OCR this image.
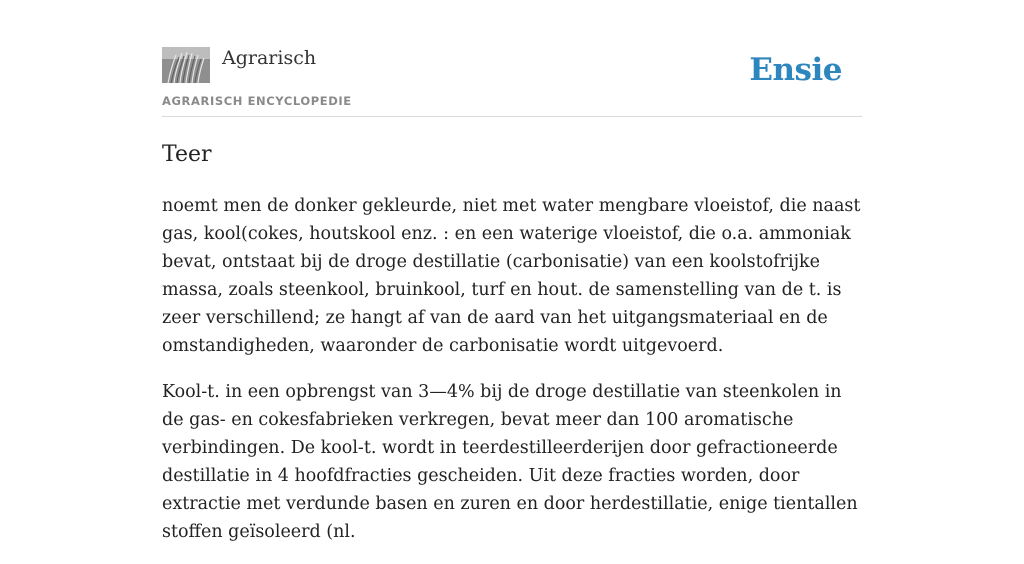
Agrarisch
AGRARISCH ENCYCLOPEDIE
Ensie
Teer

noemt men de donker gekleurde, niet met water mengbare vloeistof, die naast gas, kool(cokes, houtskool enz. : en een waterige vloeistof, die o.a. ammoniak bevat, ontstaat bij de droge destillatie (carbonisatie) van een koolstofrijke massa, zoals steenkool, bruinkool, turf en hout. de samenstelling van de t. is zeer verschillend; ze hangt af van de aard van het uitgangsmateriaal en de omstandigheden, waaronder de carbonisatie wordt uitgevoerd.

Kool-t. in een opbrengst van 3—4% bij de droge destillatie van steenkolen in de gas- en cokesfabrieken verkregen, bevat meer dan 100 aromatische verbindingen. De kool-t. wordt in teerdestilleerderijen door gefractioneerde destillatie in 4 hoofdfracties gescheiden. Uit deze fracties worden, door extractie met verdunde basen en zuren en door herdestillatie, enige tientallen stoffen geïsoleerd (nl.
